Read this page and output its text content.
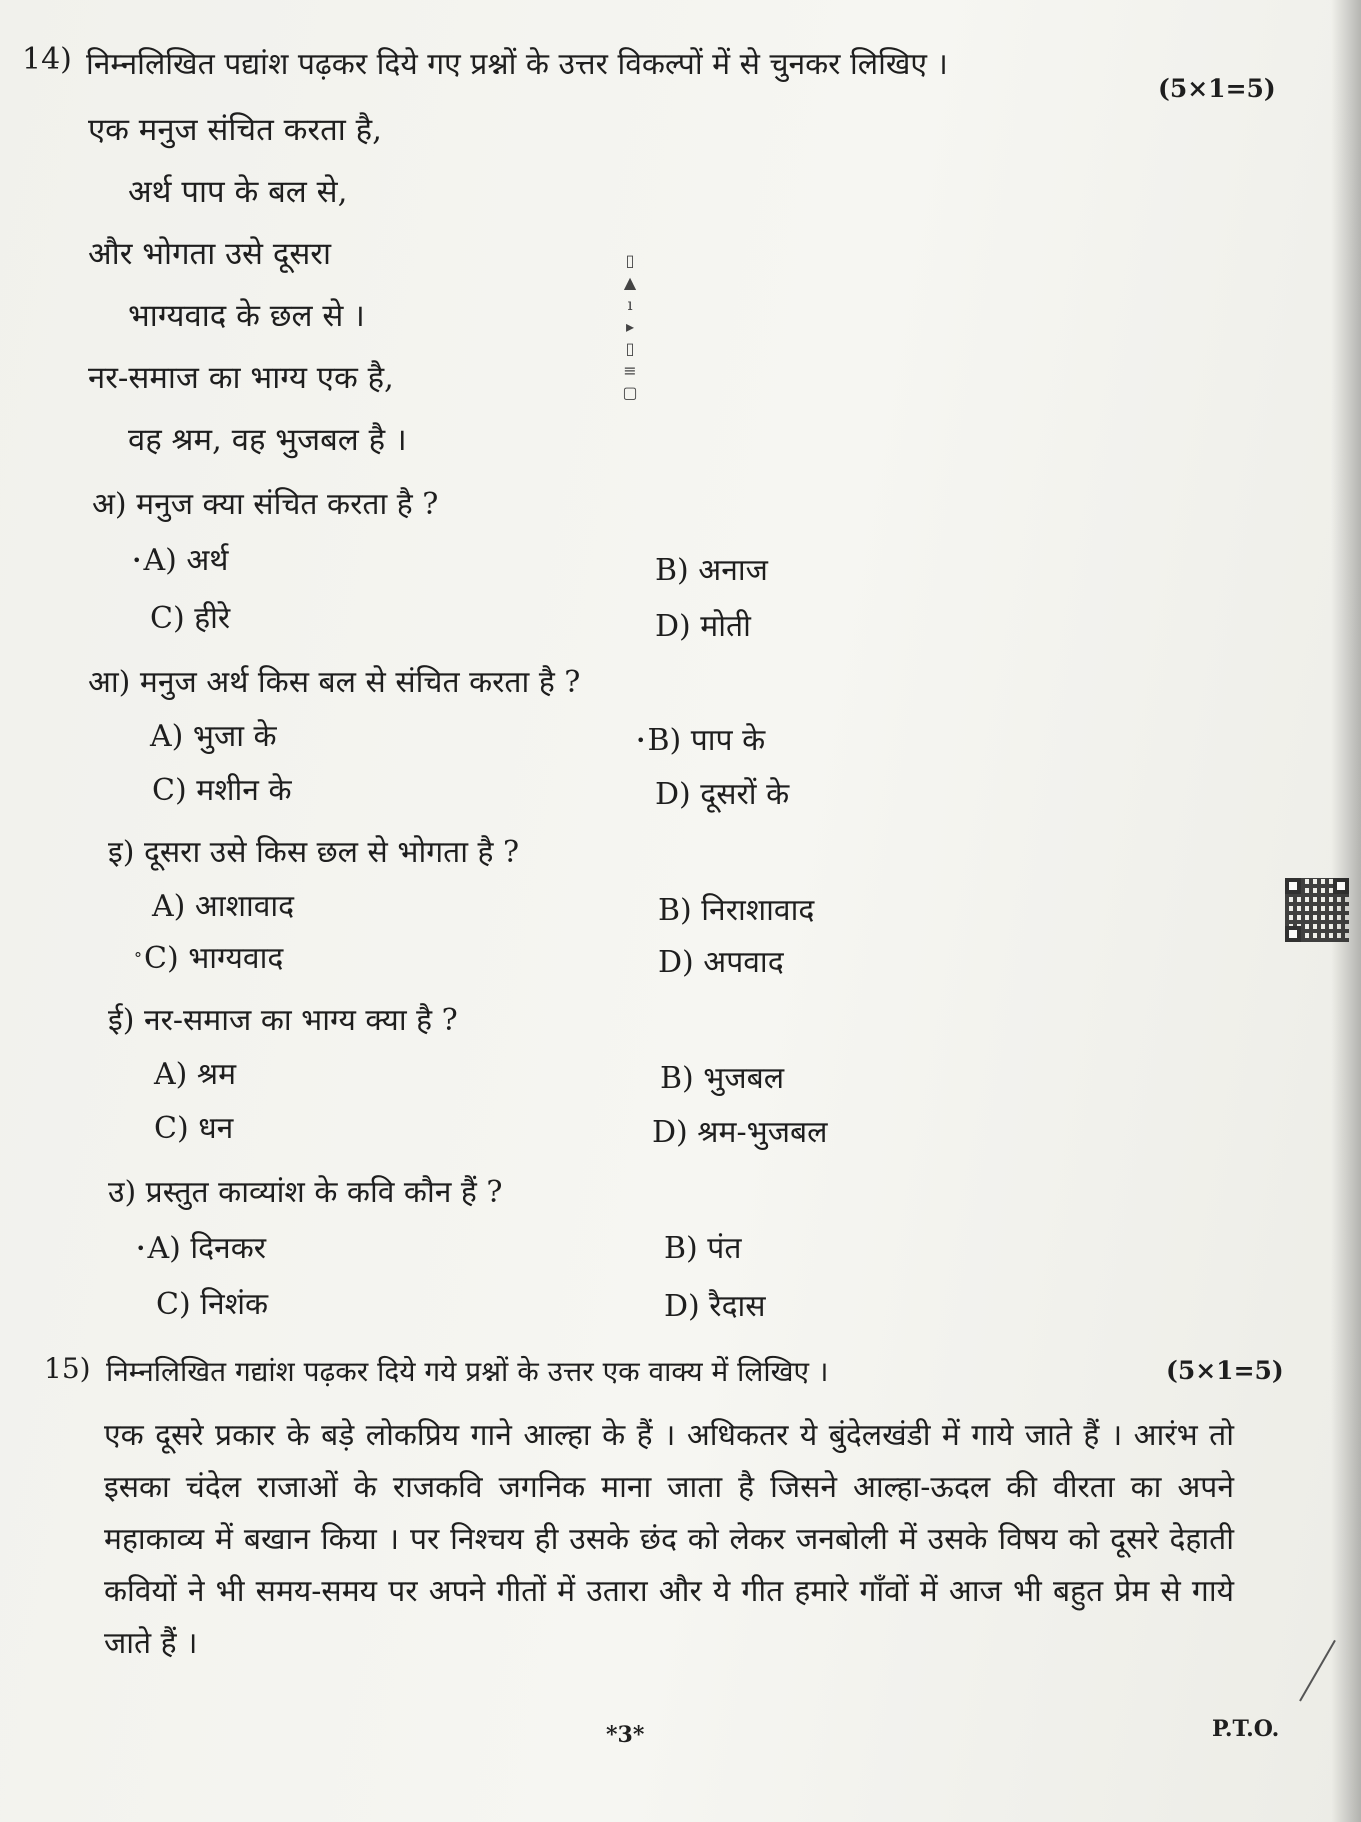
14) निम्नलिखित पद्यांश पढ़कर दिये गए प्रश्नों के उत्तर विकल्पों में से चुनकर लिखिए ।
(5×1=5)
एक मनुज संचित करता है,
अर्थ पाप के बल से,
और भोगता उसे दूसरा
भाग्यवाद के छल से ।
नर-समाज का भाग्य एक है,
वह श्रम, वह भुजबल है ।
▯
▲
ı
▸
▯
≡
▢
अ) मनुज क्या संचित करता है ?
•A) अर्थ	B) अनाज
C) हीरे	D) मोती
आ) मनुज अर्थ किस बल से संचित करता है ?
A) भुजा के	•B) पाप के
C) मशीन के	D) दूसरों के
इ) दूसरा उसे किस छल से भोगता है ?
A) आशावाद	B) निराशावाद
°C) भाग्यवाद	D) अपवाद
ई) नर-समाज का भाग्य क्या है ?
A) श्रम	B) भुजबल
C) धन	D) श्रम-भुजबल
उ) प्रस्तुत काव्यांश के कवि कौन हैं ?
•A) दिनकर	B) पंत
C) निशंक	D) रैदास
15) निम्नलिखित गद्यांश पढ़कर दिये गये प्रश्नों के उत्तर एक वाक्य में लिखिए ।	(5×1=5)
एक दूसरे प्रकार के बड़े लोकप्रिय गाने आल्हा के हैं । अधिकतर ये बुंदेलखंडी में गाये जाते हैं । आरंभ तो इसका चंदेल राजाओं के राजकवि जगनिक माना जाता है जिसने आल्हा-ऊदल की वीरता का अपने महाकाव्य में बखान किया । पर निश्चय ही उसके छंद को लेकर जनबोली में उसके विषय को दूसरे देहाती कवियों ने भी समय-समय पर अपने गीतों में उतारा और ये गीत हमारे गाँवों में आज भी बहुत प्रेम से गाये जाते हैं ।
*3*	P.T.O.
